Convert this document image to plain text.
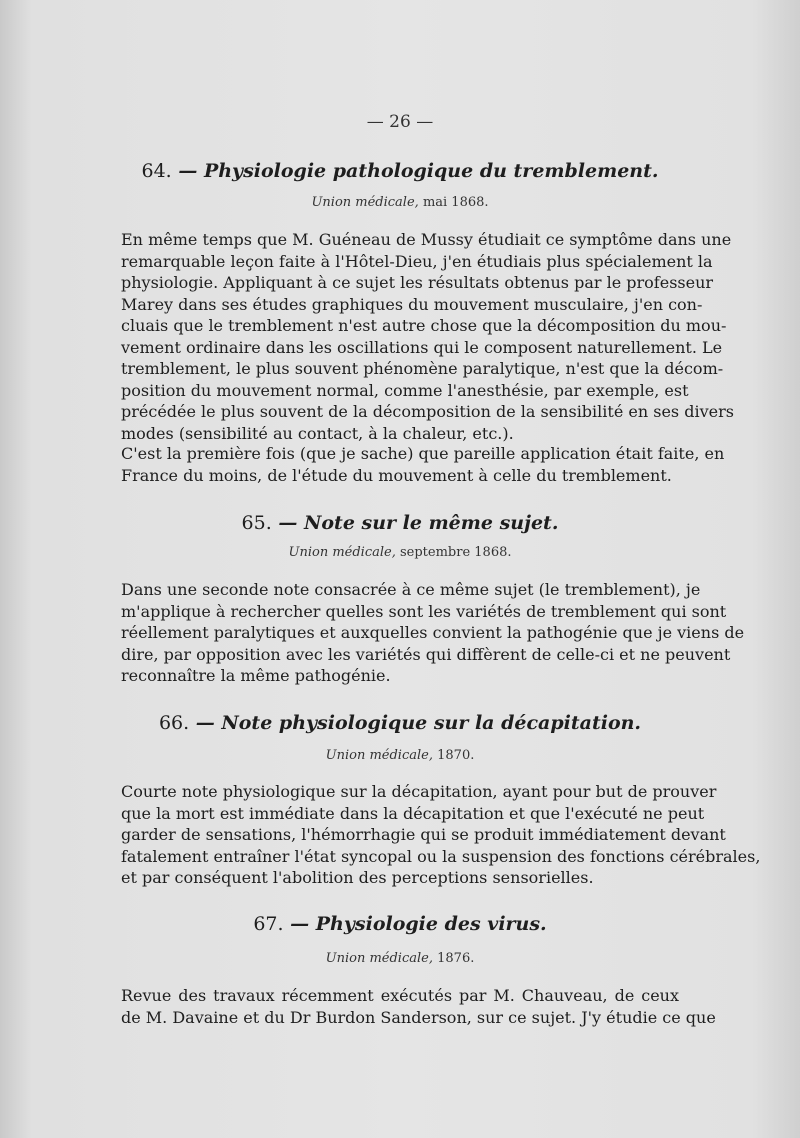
— 26 —
64. — Physiologie pathologique du tremblement.
Union médicale, mai 1868.
En même temps que M. Guéneau de Mussy étudiait ce symptôme dans une
remarquable leçon faite à l'Hôtel-Dieu, j'en étudiais plus spécialement la
physiologie. Appliquant à ce sujet les résultats obtenus par le professeur
Marey dans ses études graphiques du mouvement musculaire, j'en con-
cluais que le tremblement n'est autre chose que la décomposition du mou-
vement ordinaire dans les oscillations qui le composent naturellement. Le
tremblement, le plus souvent phénomène paralytique, n'est que la décom-
position du mouvement normal, comme l'anesthésie, par exemple, est
précédée le plus souvent de la décomposition de la sensibilité en ses divers
modes (sensibilité au contact, à la chaleur, etc.).
C'est la première fois (que je sache) que pareille application était faite, en
France du moins, de l'étude du mouvement à celle du tremblement.
65. — Note sur le même sujet.
Union médicale, septembre 1868.
Dans une seconde note consacrée à ce même sujet (le tremblement), je
m'applique à rechercher quelles sont les variétés de tremblement qui sont
réellement paralytiques et auxquelles convient la pathogénie que je viens de
dire, par opposition avec les variétés qui diffèrent de celle-ci et ne peuvent
reconnaître la même pathogénie.
66. — Note physiologique sur la décapitation.
Union médicale, 1870.
Courte note physiologique sur la décapitation, ayant pour but de prouver
que la mort est immédiate dans la décapitation et que l'exécuté ne peut
garder de sensations, l'hémorrhagie qui se produit immédiatement devant
fatalement entraîner l'état syncopal ou la suspension des fonctions cérébrales,
et par conséquent l'abolition des perceptions sensorielles.
67. — Physiologie des virus.
Union médicale, 1876.
Revue des travaux récemment exécutés par M. Chauveau, de ceux
de M. Davaine et du Dr Burdon Sanderson, sur ce sujet. J'y étudie ce que
